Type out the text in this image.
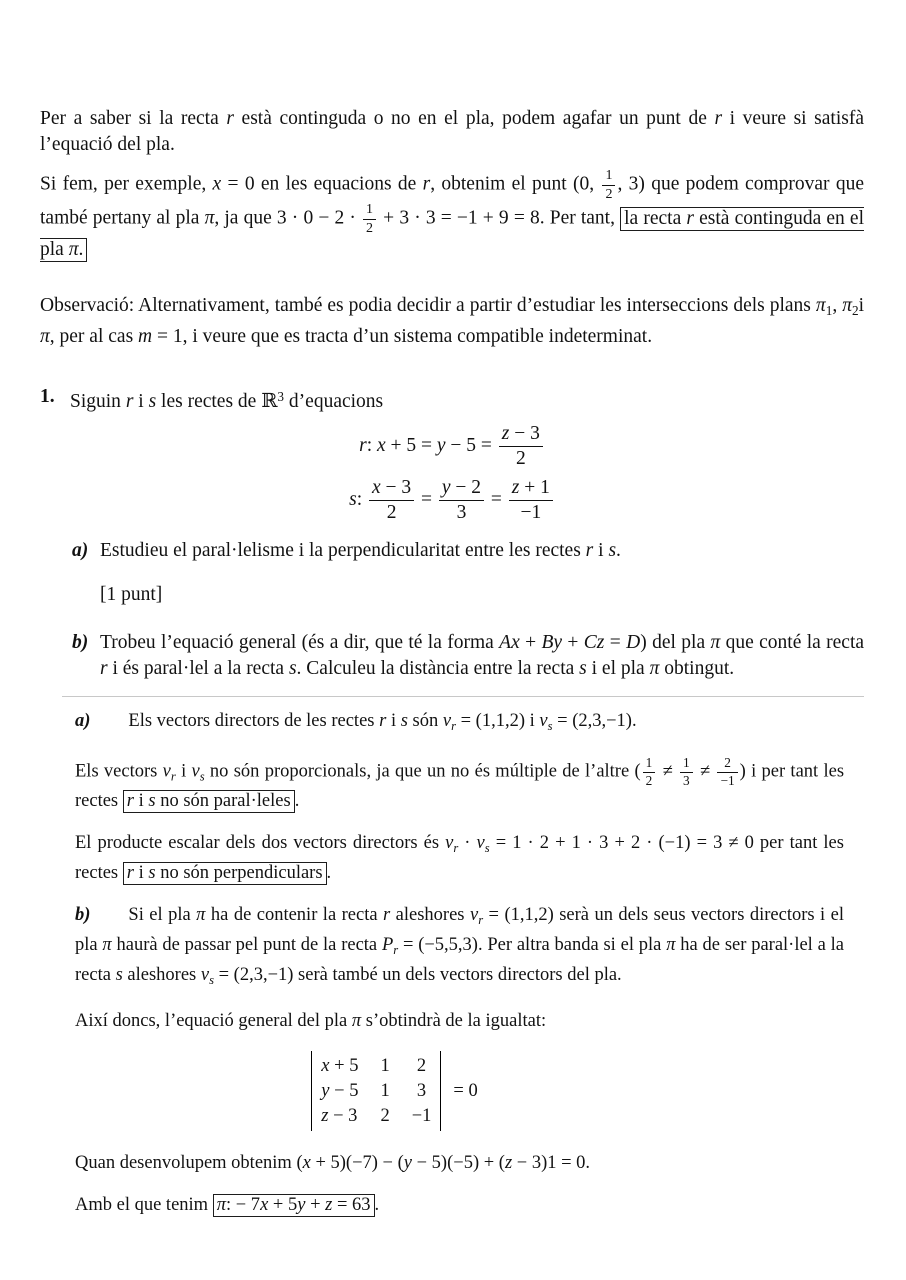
Per a saber si la recta r està continguda o no en el pla, podem agafar un punt de r i veure si satisfà l’equació del pla.

Si fem, per exemple, x = 0 en les equacions de r, obtenim el punt (0, $\frac{1}{2}$ , 3) que podem comprovar que també pertany al pla π, ja que $3 \cdot 0 - 2 \cdot \frac{1}{2} + 3 \cdot 3 = -1 + 9 = 8$. Per tant, la recta r està continguda en el pla π.

Observació: Alternativament, també es podia decidir a partir d’estudiar les interseccions dels plans $\pi_1$, $\pi_2i$ π, per al cas m = 1, i veure que es tracta d’un sistema compatible indeterminat.

1. Siguin r i s les rectes de ℝ$^3$ d’equacions
r: $x + 5 = y - 5 = \frac{z - 3}{2}$
s: $\frac{x - 3}{2} = \frac{y - 2}{3} = \frac{z + 1}{-1}$
a) Estudieu el paral·lelisme i la perpendicularitat entre les rectes r i s.

[1 punt]

b) Trobeu l’equació general (és a dir, que té la forma Ax + By + Cz = D) del pla π que conté la recta r i és paral·lel a la recta s. Calculeu la distància entre la recta s i el pla π obtingut.

a) Els vectors directors de les rectes r i s són $v_r = (1,1,2)$ i $v_s = (2,3,-1)$.

Els vectors $v_r$ i $v_s$ no són proporcionals, ja que un no és múltiple de l’altre ( $\frac{1}{2} \ne \frac{1}{3} \ne \frac{2}{-1}$ ) i per tant les rectes r i s no són paral·leles .

El producte escalar dels dos vectors directors és $v_r \cdot v_s = 1 \cdot 2 + 1 \cdot 3 + 2 \cdot (-1) = 3 \ne 0$ per tant les rectes r i s no són perpendiculars .

b) Si el pla π ha de contenir la recta r aleshores $v_r = (1,1,2)$ serà un dels seus vectors directors i el pla π haurà de passar pel punt de la recta $P_r = (-5,5,3)$. Per altra banda si el pla π ha de ser paral·lel a la recta s aleshores $v_s = (2,3,-1)$ serà també un dels vectors directors del pla.

Així doncs, l’equació general del pla π s’obtindrà de la igualtat:

x + 5 1 2
y − 5 1 3
z − 3 2 −1
= 0

Quan desenvolupem obtenim (x + 5)(−7) − (y − 5)(−5) + (z − 3)1 = 0.

Amb el que tenim π: − 7x + 5y + z = 63 .
